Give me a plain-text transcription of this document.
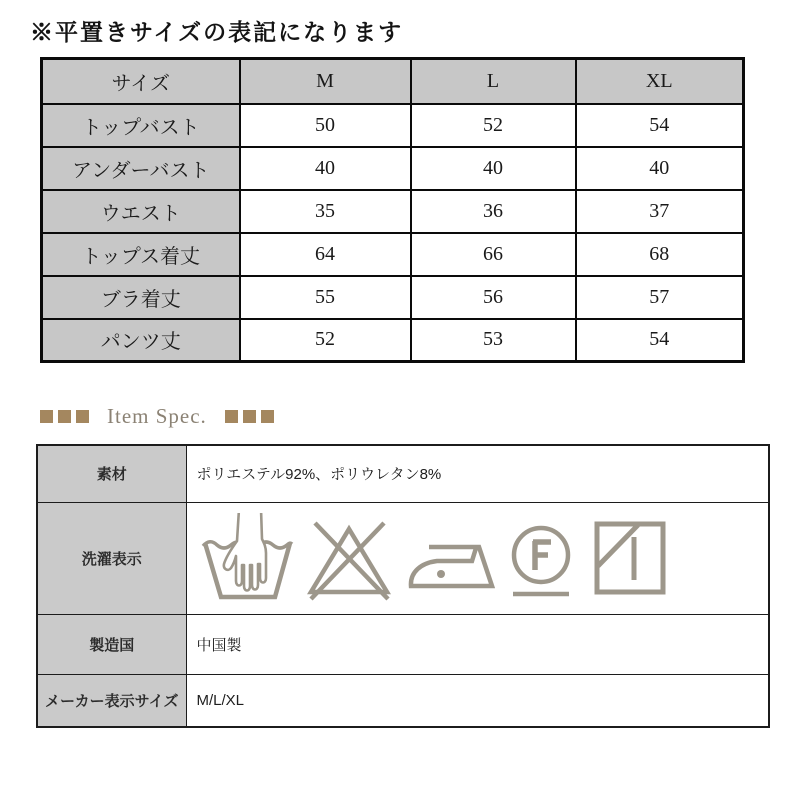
※平置きサイズの表記になります
サイズ	M	L	XL
トップバスト	50	52	54
アンダーバスト	40	40	40
ウエスト	35	36	37
トップス着丈	64	66	68
ブラ着丈	55	56	57
パンツ丈	52	53	54
Item Spec.
素材	ポリエステル92%、ポリウレタン8%
洗濯表示	

製造国	中国製
メーカー表示サイズ	M/L/XL
